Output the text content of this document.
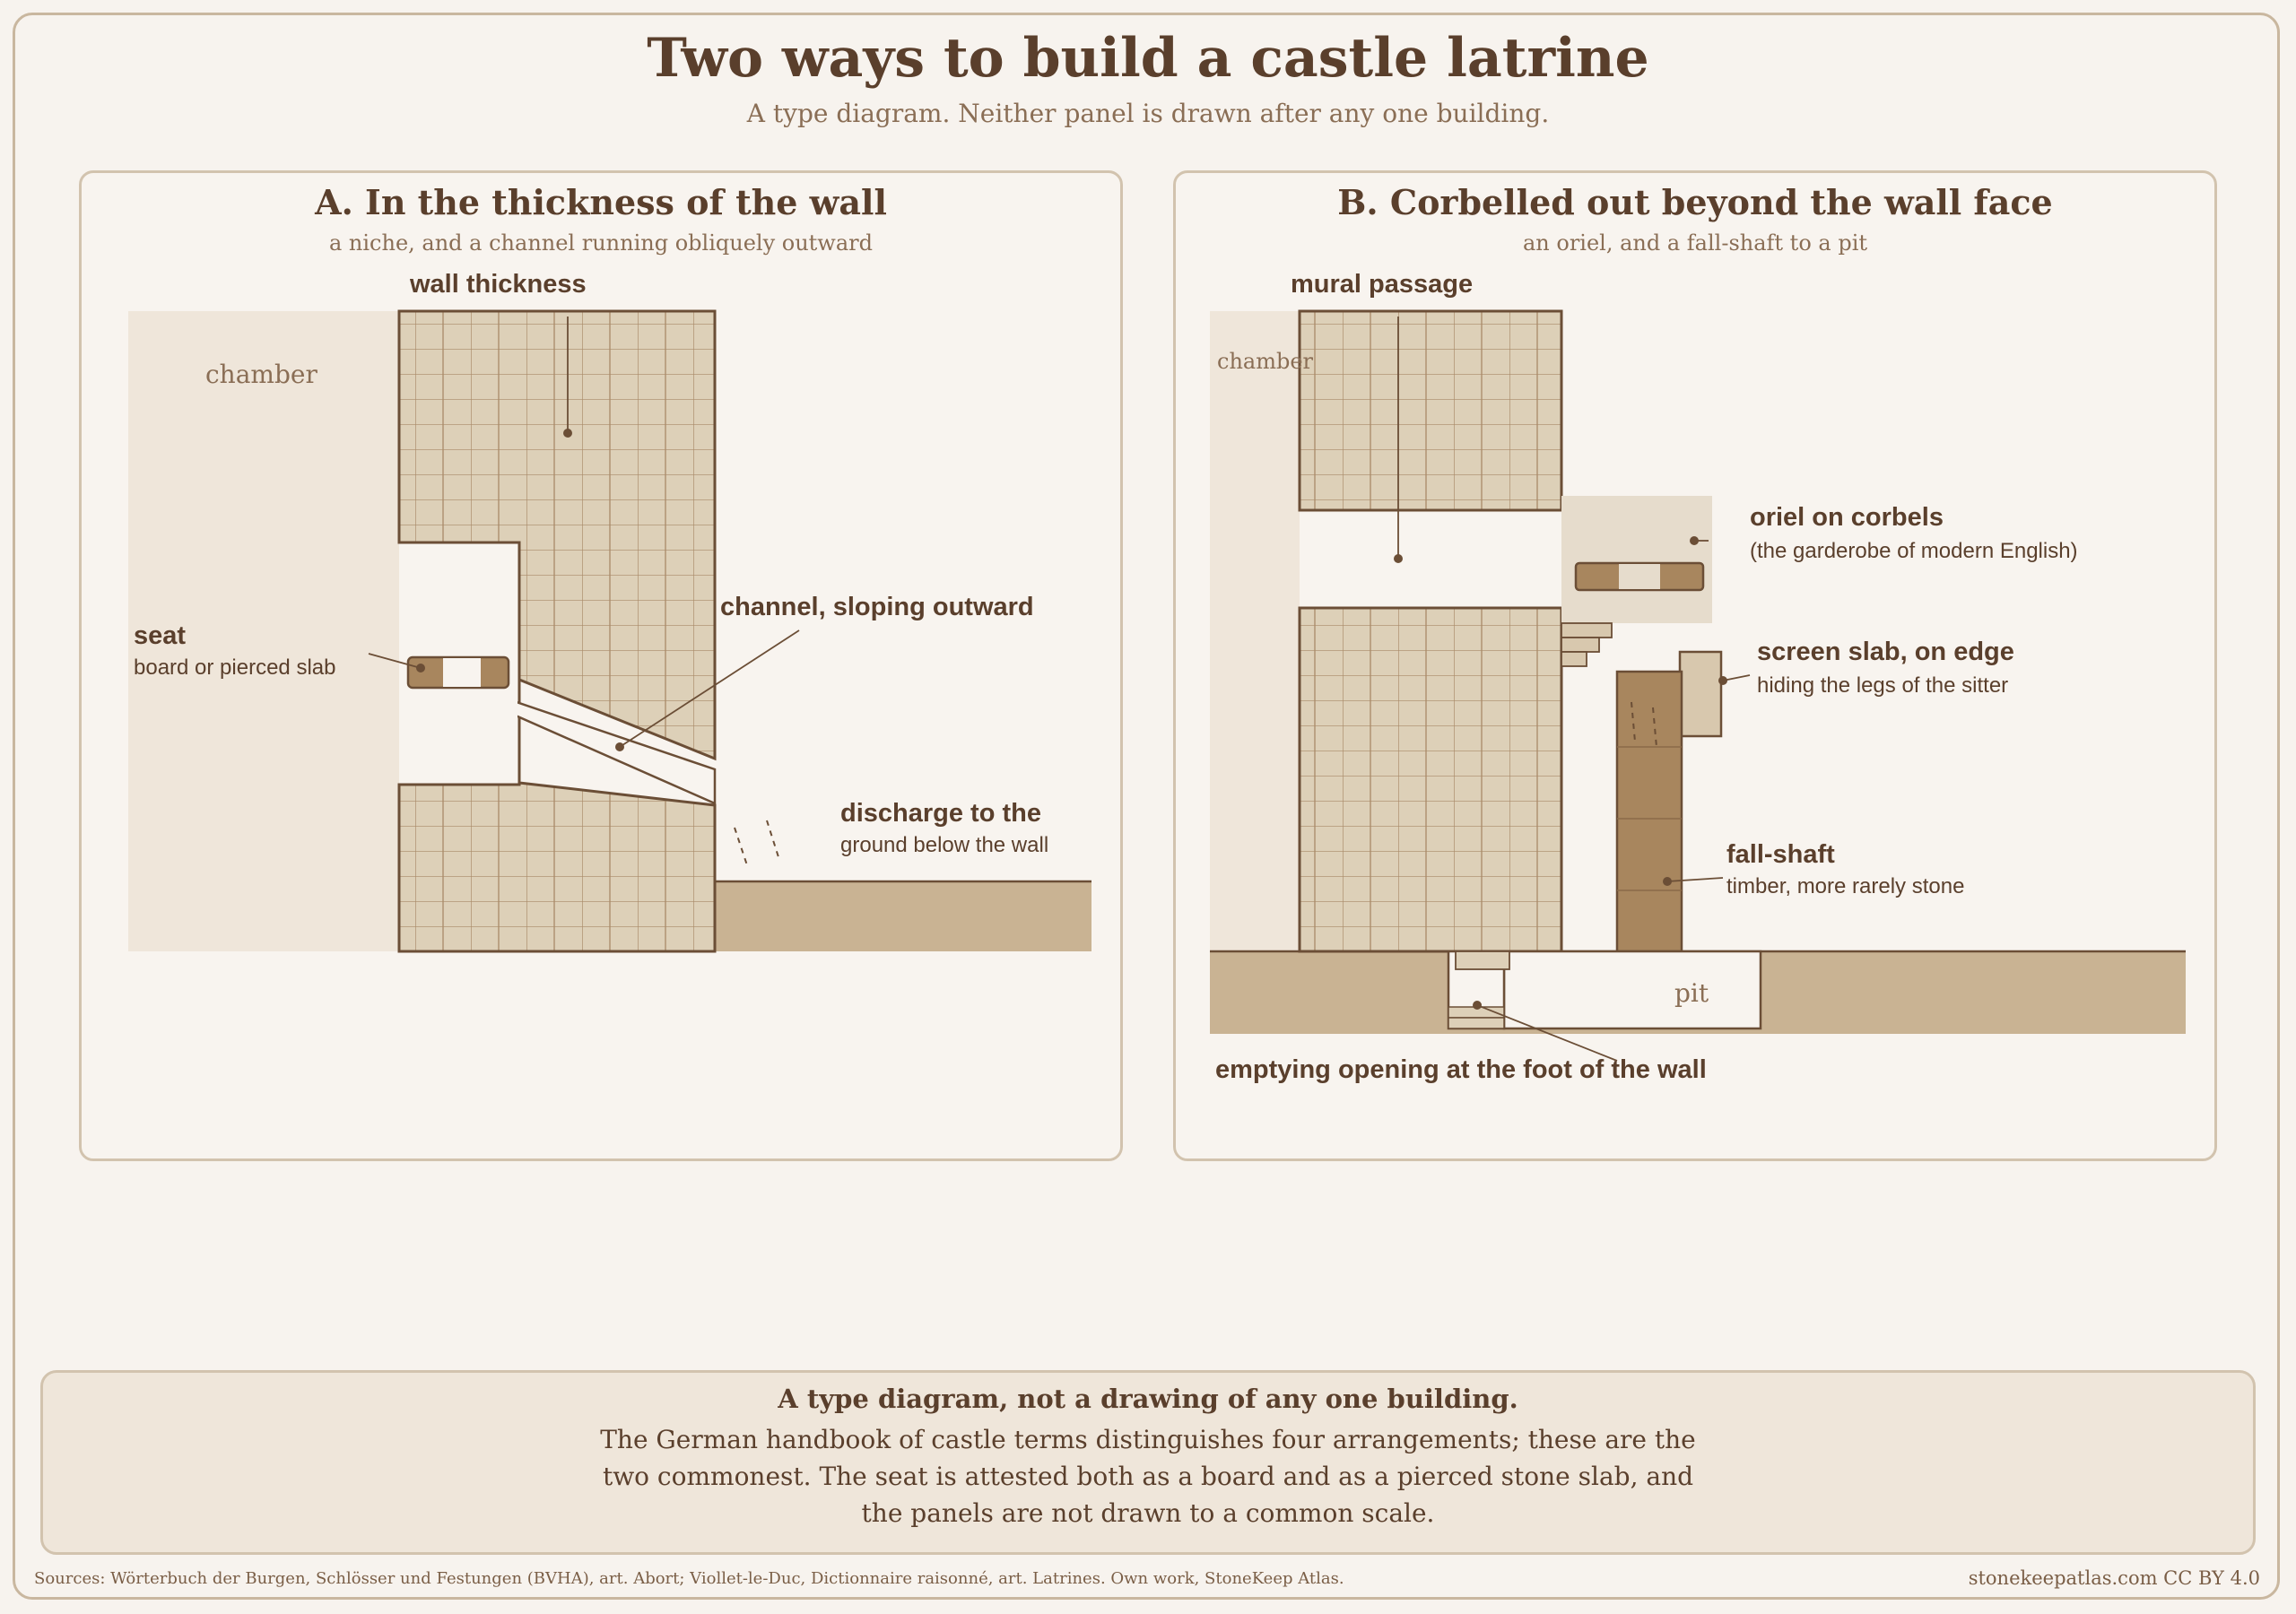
Two ways to build a castle latrine
A type diagram. Neither panel is drawn after any one building.
A. In the thickness of the wall
a niche, and a channel running obliquely outward
chamber
wall thickness
seat
board or pierced slab
channel, sloping outward
discharge to the
ground below the wall
B. Corbelled out beyond the wall face
an oriel, and a fall-shaft to a pit
chamber
mural passage
pit
oriel on corbels
(the garderobe of modern English)
screen slab, on edge
hiding the legs of the sitter
fall-shaft
timber, more rarely stone
emptying opening at the foot of the wall
A type diagram, not a drawing of any one building.
The German handbook of castle terms distinguishes four arrangements; these are the two commonest. The seat is attested both as a board and as a pierced stone slab, and the panels are not drawn to a common scale.
Sources: Wörterbuch der Burgen, Schlösser und Festungen (BVHA), art. Abort; Viollet-le-Duc, Dictionnaire raisonné, art. Latrines. Own work, StoneKeep Atlas.	stonekeepatlas.com CC BY 4.0
